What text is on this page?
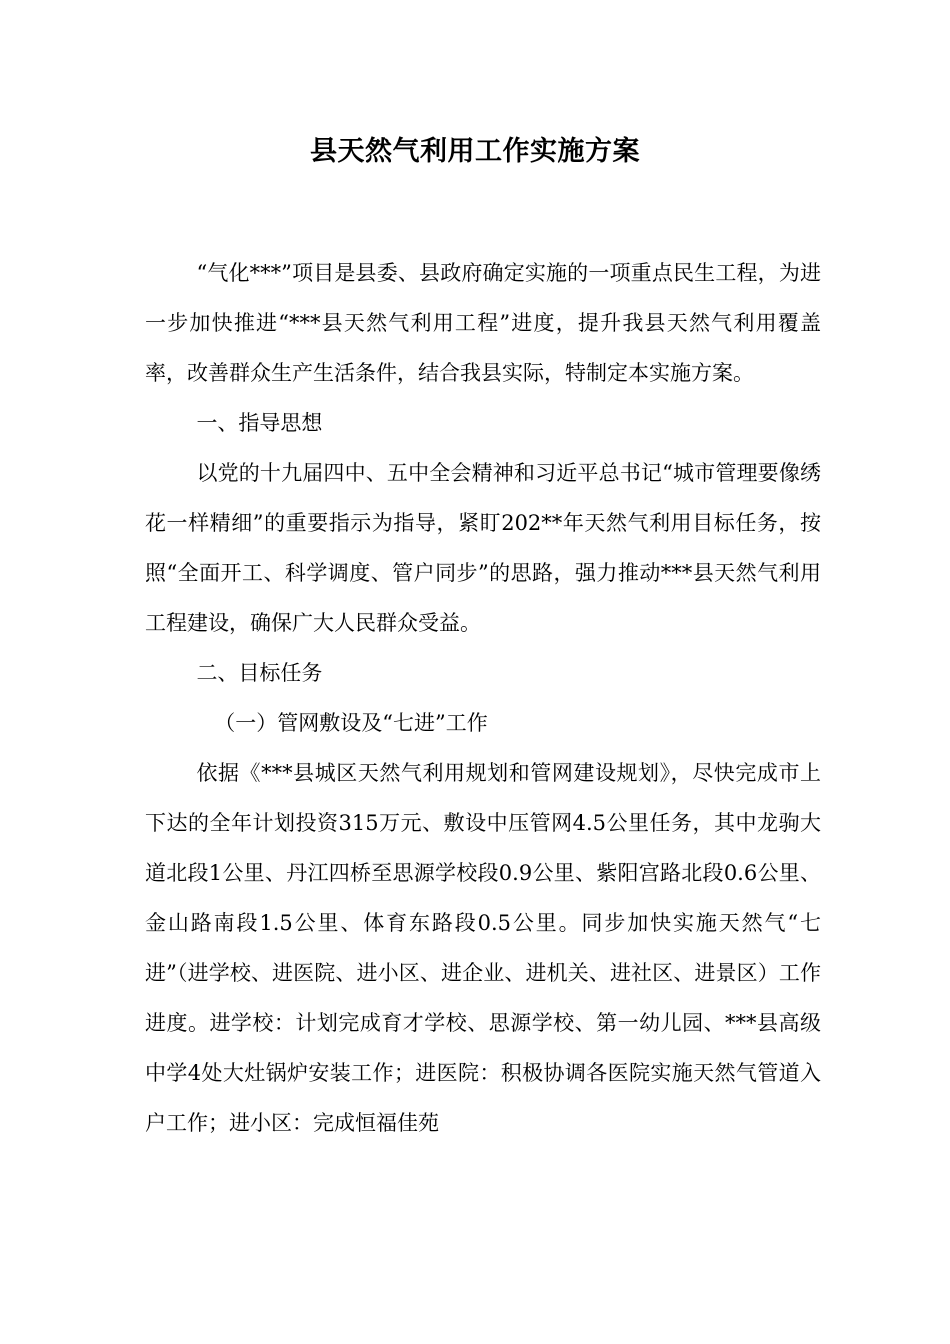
县天然气利用工作实施方案

“气化***”项目是县委、县政府确定实施的一项重点民生工程，为进一步加快推进“***县天然气利用工程”进度，提升我县天然气利用覆盖率，改善群众生产生活条件，结合我县实际，特制定本实施方案。

一、指导思想

以党的十九届四中、五中全会精神和习近平总书记“城市管理要像绣花一样精细”的重要指示为指导，紧盯202**年天然气利用目标任务，按照“全面开工、科学调度、管户同步”的思路，强力推动***县天然气利用工程建设，确保广大人民群众受益。

二、目标任务

（一）管网敷设及“七进”工作

依据《***县城区天然气利用规划和管网建设规划》，尽快完成市上下达的全年计划投资315万元、敷设中压管网4.5公里任务，其中龙驹大道北段1公里、丹江四桥至思源学校段0.9公里、紫阳宫路北段0.6公里、金山路南段1.5公里、体育东路段0.5公里。同步加快实施天然气“七进”（进学校、进医院、进小区、进企业、进机关、进社区、进景区）工作进度。进学校：计划完成育才学校、思源学校、第一幼儿园、***县高级中学4处大灶锅炉安装工作；进医院：积极协调各医院实施天然气管道入户工作；进小区：完成恒福佳苑
